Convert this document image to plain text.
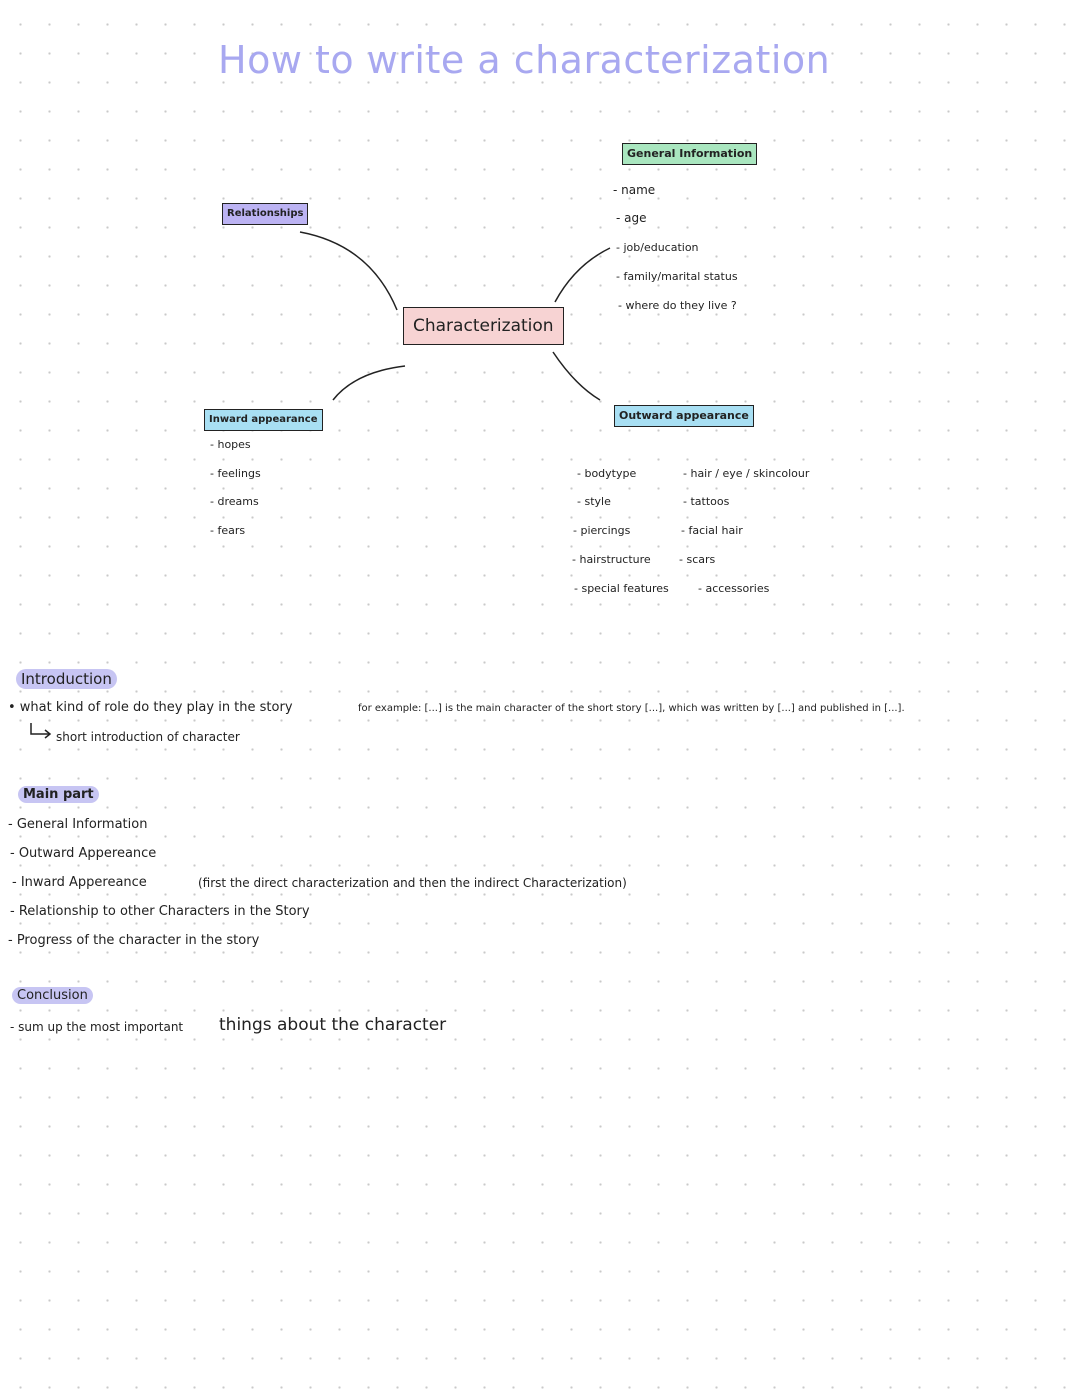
How to write a characterization
Characterization
General Information
- name
- age
- job/education
- family/marital status
- where do they live ?
Relationships
Inward appearance
- hopes
- feelings
- dreams
- fears
Outward appearance
- bodytype
- style
- piercings
- hairstructure
- special features
- hair / eye / skincolour
- tattoos
- facial hair
- scars
- accessories
Introduction
• what kind of role do they play in the story	for example: [...] is the main character of the short story [...], which was written by [...] and published in [...].
short introduction of character
Main part
- General Information
- Outward Appereance
- Inward Appereance	(first the direct characterization and then the indirect Characterization)
- Relationship to other Characters in the Story
- Progress of the character in the story
Conclusion
- sum up the most important things about the character
